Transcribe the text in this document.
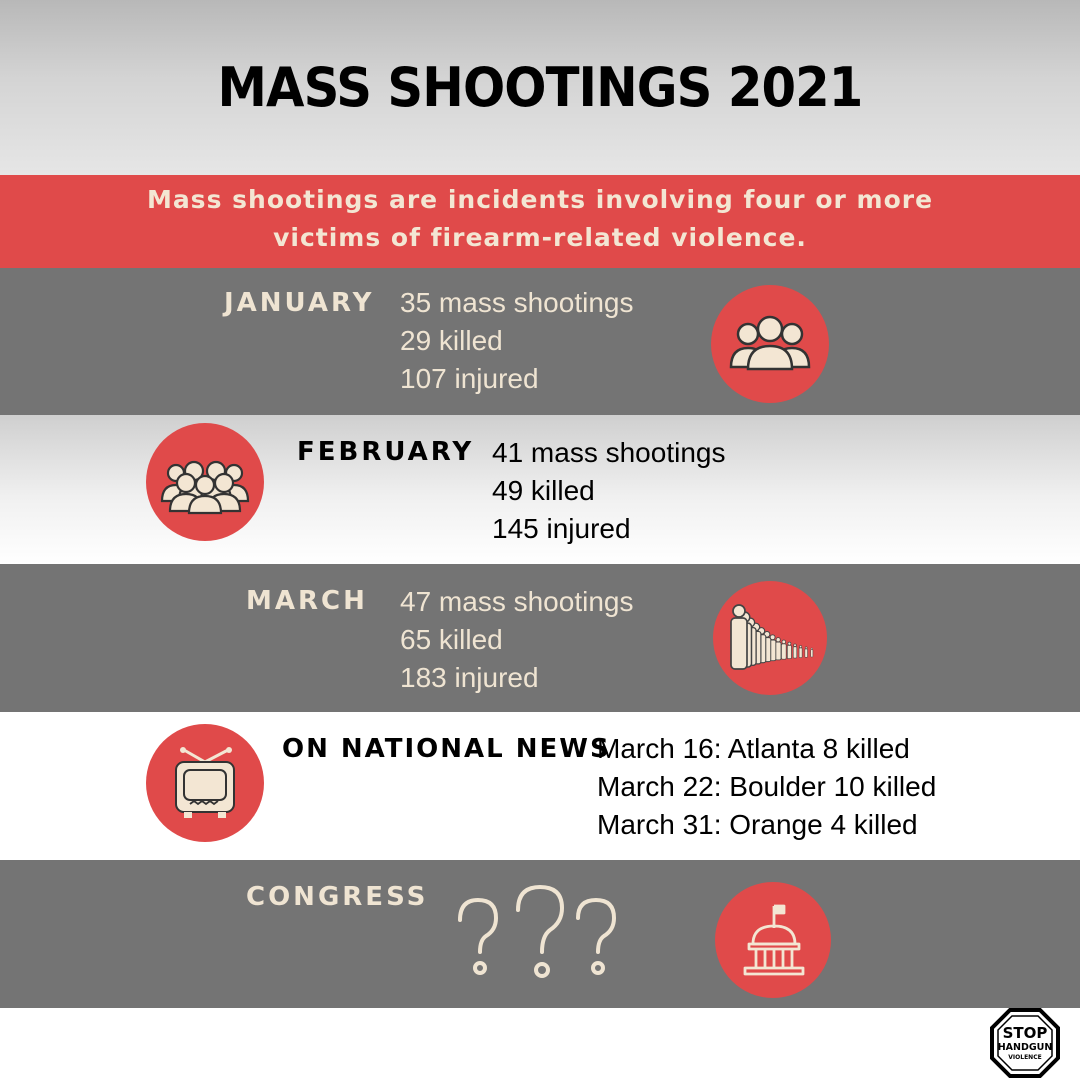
MASS SHOOTINGS 2021
Mass shootings are incidents involving four or more
victims of firearm-related violence.
JANUARY 35 mass shootings
29 killed
107 injured
FEBRUARY 41 mass shootings
49 killed
145 injured
MARCH 47 mass shootings
65 killed
183 injured
ON NATIONAL NEWS
March 16: Atlanta 8 killed
March 22: Boulder 10 killed
March 31: Orange 4 killed
CONGRESS
STOP
HANDGUN
VIOLENCE
